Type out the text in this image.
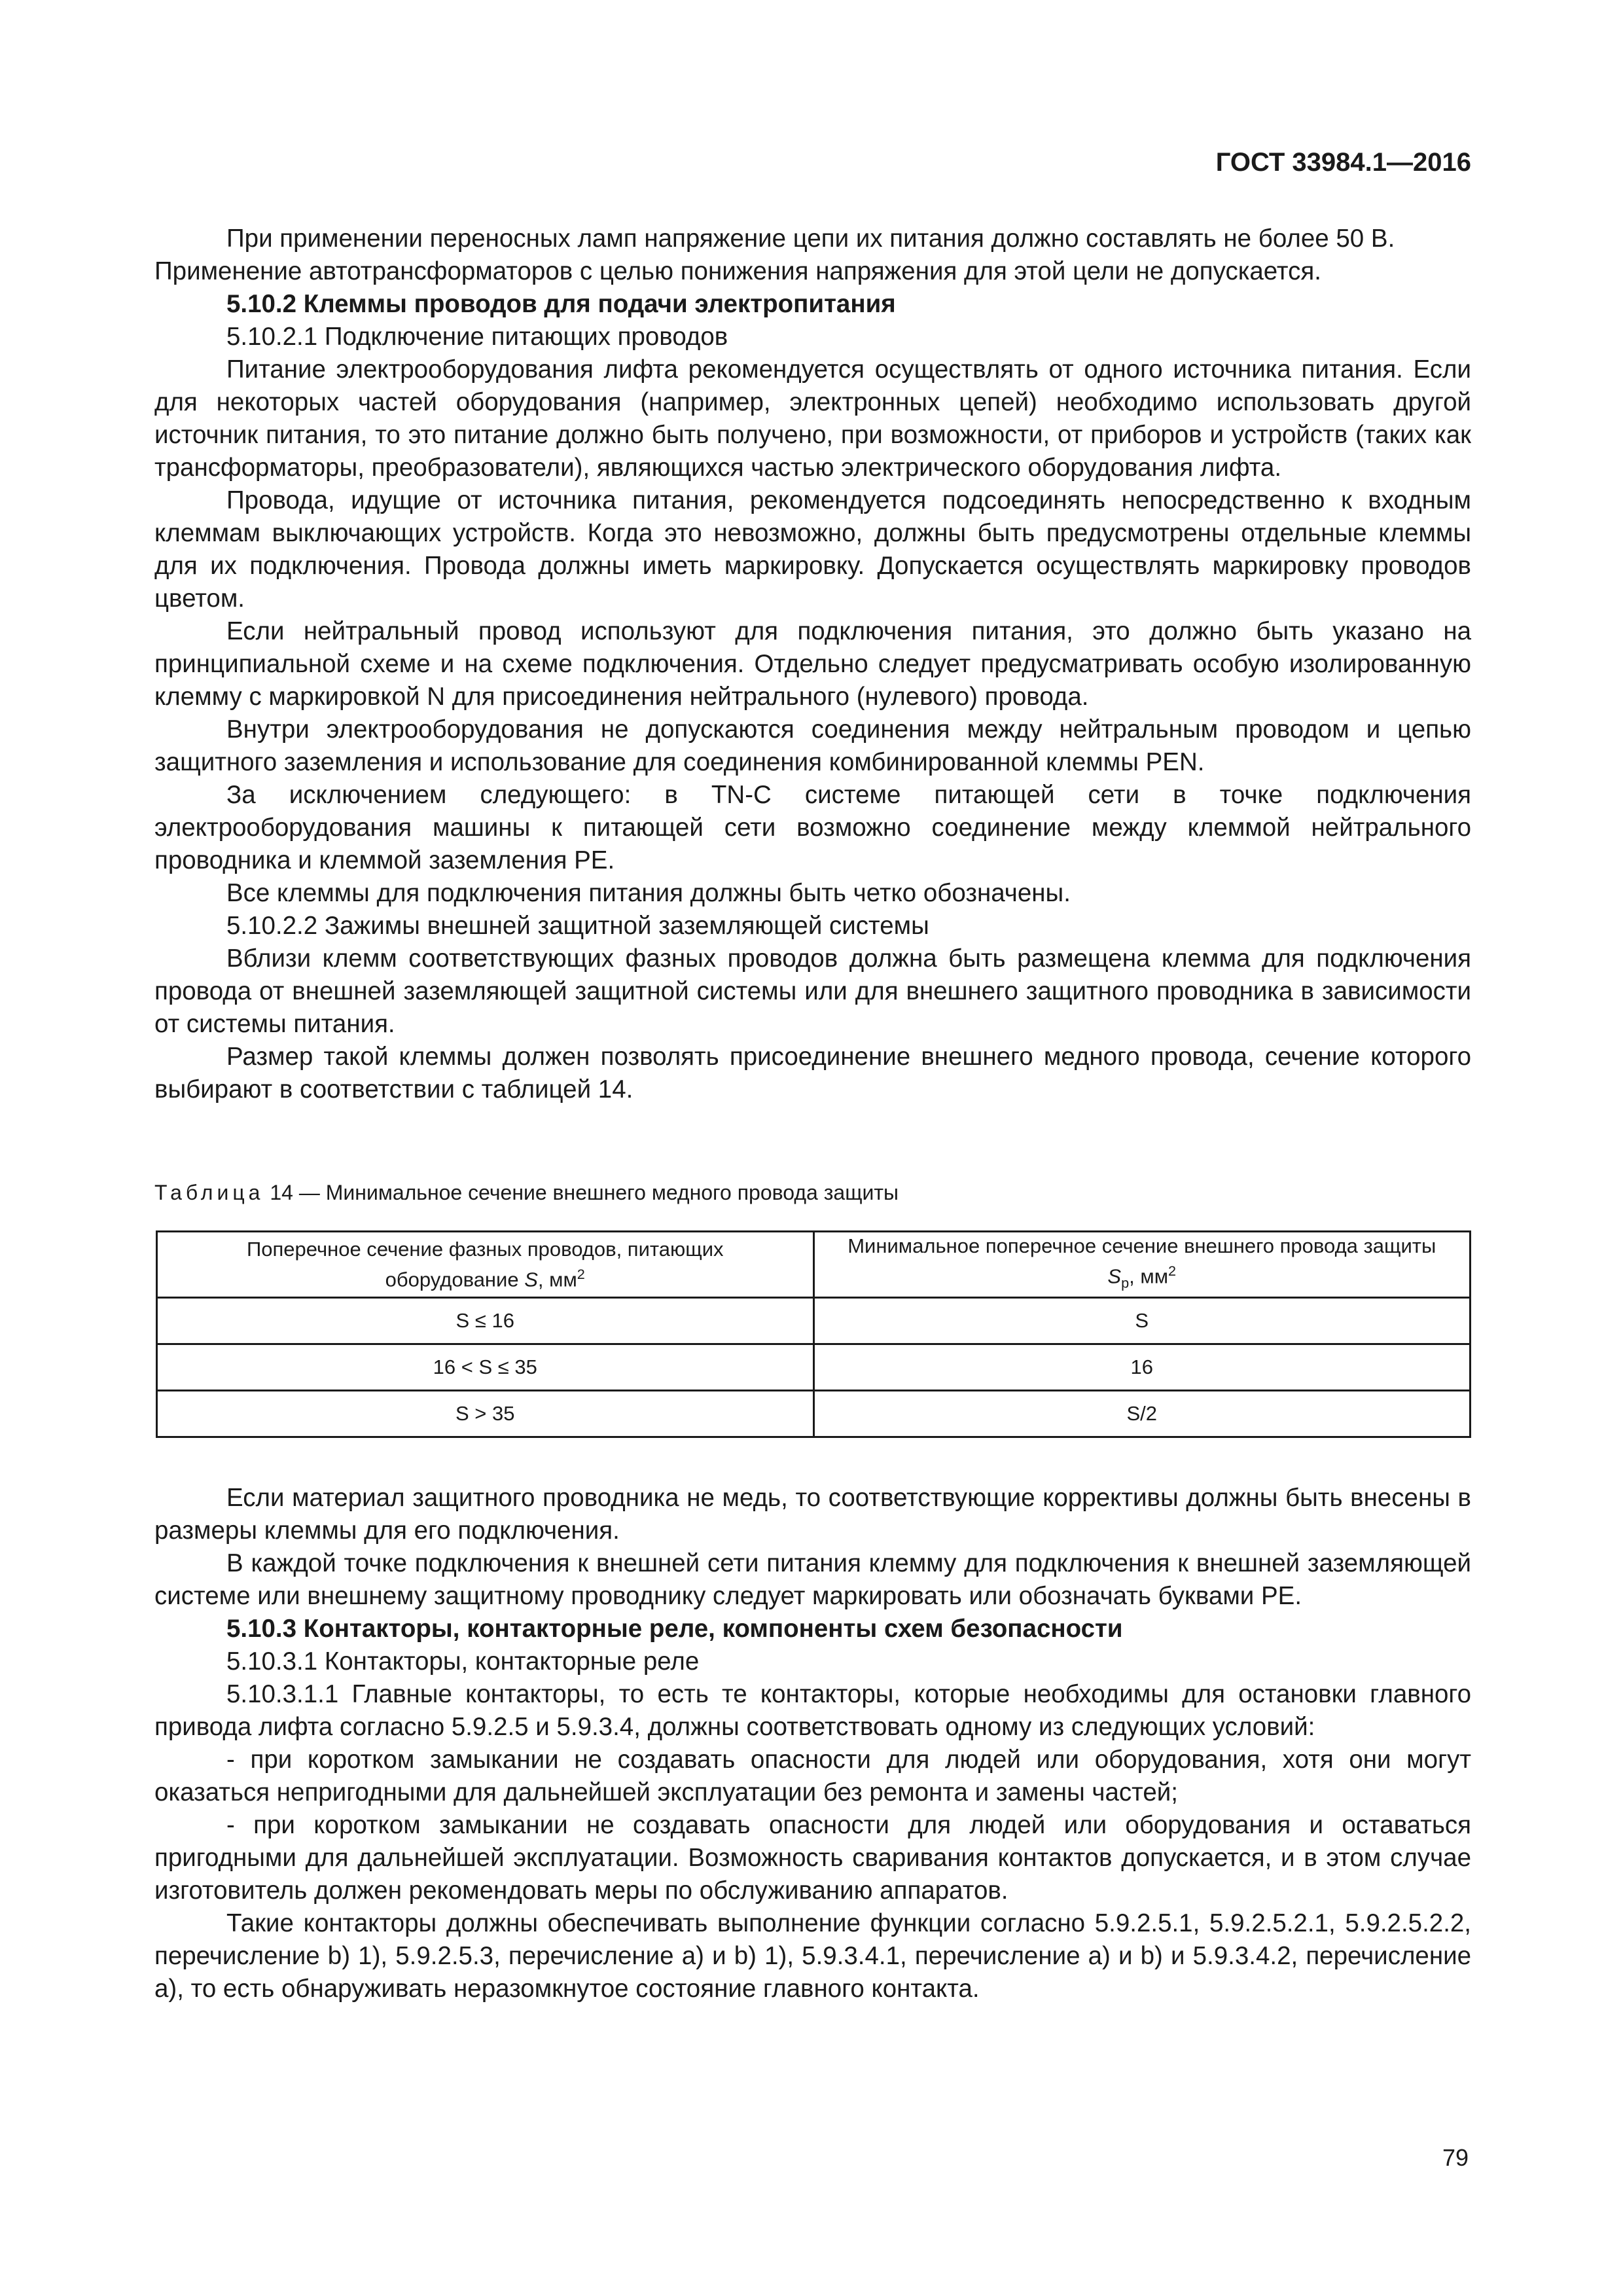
ГОСТ 33984.1—2016

При применении переносных ламп напряжение цепи их питания должно составлять не более 50 В.

Применение автотрансформаторов с целью понижения напряжения для этой цели не допускается.

5.10.2 Клеммы проводов для подачи электропитания

5.10.2.1 Подключение питающих проводов

Питание электрооборудования лифта рекомендуется осуществлять от одного источника питания. Если для некоторых частей оборудования (например, электронных цепей) необходимо использовать другой источник питания, то это питание должно быть получено, при возможности, от приборов и устройств (таких как трансформаторы, преобразователи), являющихся частью электрического оборудования лифта.

Провода, идущие от источника питания, рекомендуется подсоединять непосредственно к входным клеммам выключающих устройств. Когда это невозможно, должны быть предусмотрены отдельные клеммы для их подключения. Провода должны иметь маркировку. Допускается осуществлять маркировку проводов цветом.

Если нейтральный провод используют для подключения питания, это должно быть указано на принципиальной схеме и на схеме подключения. Отдельно следует предусматривать особую изолированную клемму с маркировкой N для присоединения нейтрального (нулевого) провода.

Внутри электрооборудования не допускаются соединения между нейтральным проводом и цепью защитного заземления и использование для соединения комбинированной клеммы PEN.

За исключением следующего: в TN-C системе питающей сети в точке подключения электрооборудования машины к питающей сети возможно соединение между клеммой нейтрального проводника и клеммой заземления PE.

Все клеммы для подключения питания должны быть четко обозначены.

5.10.2.2 Зажимы внешней защитной заземляющей системы

Вблизи клемм соответствующих фазных проводов должна быть размещена клемма для подключения провода от внешней заземляющей защитной системы или для внешнего защитного проводника в зависимости от системы питания.

Размер такой клеммы должен позволять присоединение внешнего медного провода, сечение которого выбирают в соответствии с таблицей 14.

Таблица 14 — Минимальное сечение внешнего медного провода защиты
Поперечное сечение фазных проводов, питающих оборудование S, $мм^2$	Минимальное поперечное сечение внешнего провода защиты $S_p$, $мм^2$
S ≤ 16	S
16 < S ≤ 35	16
S > 35	S/2

Если материал защитного проводника не медь, то соответствующие коррективы должны быть внесены в размеры клеммы для его подключения.

В каждой точке подключения к внешней сети питания клемму для подключения к внешней заземляющей системе или внешнему защитному проводнику следует маркировать или обозначать буквами PE.

5.10.3 Контакторы, контакторные реле, компоненты схем безопасности

5.10.3.1 Контакторы, контакторные реле

5.10.3.1.1 Главные контакторы, то есть те контакторы, которые необходимы для остановки главного привода лифта согласно 5.9.2.5 и 5.9.3.4, должны соответствовать одному из следующих условий:

- при коротком замыкании не создавать опасности для людей или оборудования, хотя они могут оказаться непригодными для дальнейшей эксплуатации без ремонта и замены частей;

- при коротком замыкании не создавать опасности для людей или оборудования и оставаться пригодными для дальнейшей эксплуатации. Возможность сваривания контактов допускается, и в этом случае изготовитель должен рекомендовать меры по обслуживанию аппаратов.

Такие контакторы должны обеспечивать выполнение функции согласно 5.9.2.5.1, 5.9.2.5.2.1, 5.9.2.5.2.2, перечисление b) 1), 5.9.2.5.3, перечисление a) и b) 1), 5.9.3.4.1, перечисление a) и b) и 5.9.3.4.2, перечисление a), то есть обнаруживать неразомкнутое состояние главного контакта.

79
